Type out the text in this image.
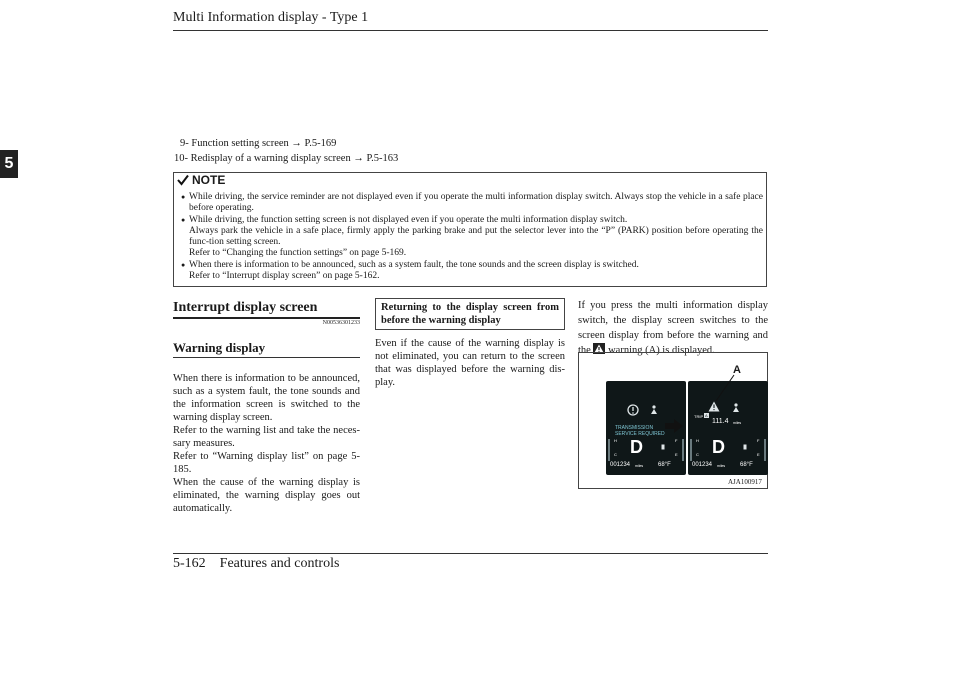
Multi Information display - Type 1
5
9- Function setting screen → P.5-169
10- Redisplay of a warning display screen → P.5-163
NOTE
● While driving, the service reminder are not displayed even if you operate the multi information display switch. Always stop the vehicle in a safe place before operating.
● While driving, the function setting screen is not displayed even if you operate the multi information display switch.
Always park the vehicle in a safe place, firmly apply the parking brake and put the selector lever into the “P” (PARK) position before operating the func-tion setting screen.
Refer to “Changing the function settings” on page 5-169.
● When there is information to be announced, such as a system fault, the tone sounds and the screen display is switched.
Refer to “Interrupt display screen” on page 5-162.
Interrupt display screen
N00536301233
Warning display
When there is information to be announced, such as a system fault, the tone sounds and the information screen is switched to the warning display screen.
Refer to the warning list and take the neces-sary measures.
Refer to “Warning display list” on page 5-185.
When the cause of the warning display is eliminated, the warning display goes out automatically.
Returning to the display screen from before the warning display
Even if the cause of the warning display is not eliminated, you can return to the screen that was displayed before the warning dis-play.
If you press the multi information display switch, the display screen switches to the screen display from before the warning and the warning (A) is displayed.
TRANSMISSION
SERVICE REQUIRED
H
C
F
E
D
001234 miles 68°F
TRIP A
111.4 miles
H
C
F
E
D
001234 miles 68°F
A
AJA100917
5-162    Features and controls
